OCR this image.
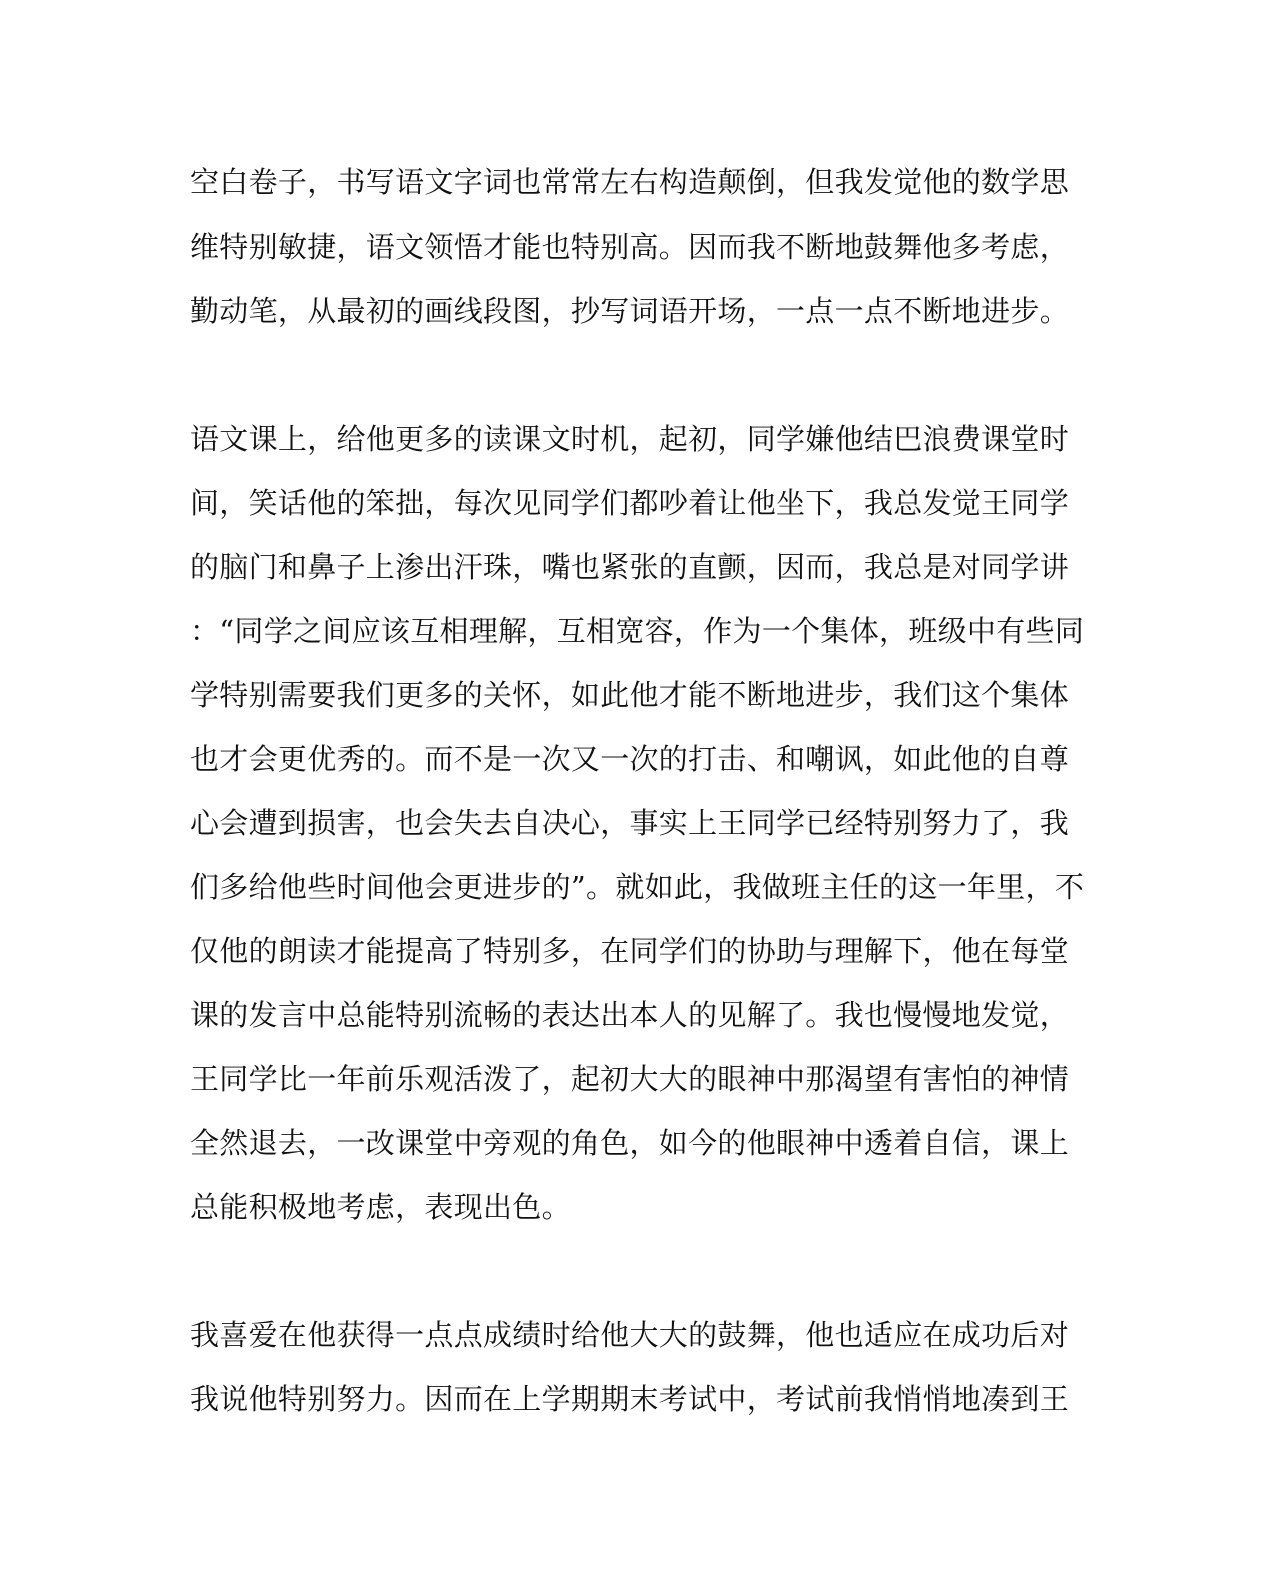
空白卷子，书写语文字词也常常左右构造颠倒，但我发觉他的数学思
维特别敏捷，语文领悟才能也特别高。因而我不断地鼓舞他多考虑，
勤动笔，从最初的画线段图，抄写词语开场，一点一点不断地进步。
语文课上，给他更多的读课文时机，起初，同学嫌他结巴浪费课堂时
间，笑话他的笨拙，每次见同学们都吵着让他坐下，我总发觉王同学
的脑门和鼻子上渗出汗珠，嘴也紧张的直颤，因而，我总是对同学讲
：“同学之间应该互相理解，互相宽容，作为一个集体，班级中有些同
学特别需要我们更多的关怀，如此他才能不断地进步，我们这个集体
也才会更优秀的。而不是一次又一次的打击、和嘲讽，如此他的自尊
心会遭到损害，也会失去自决心，事实上王同学已经特别努力了，我
们多给他些时间他会更进步的”。就如此，我做班主任的这一年里，不
仅他的朗读才能提高了特别多，在同学们的协助与理解下，他在每堂
课的发言中总能特别流畅的表达出本人的见解了。我也慢慢地发觉，
王同学比一年前乐观活泼了，起初大大的眼神中那渴望有害怕的神情
全然退去，一改课堂中旁观的角色，如今的他眼神中透着自信，课上
总能积极地考虑，表现出色。
我喜爱在他获得一点点成绩时给他大大的鼓舞，他也适应在成功后对
我说他特别努力。因而在上学期期末考试中，考试前我悄悄地凑到王
